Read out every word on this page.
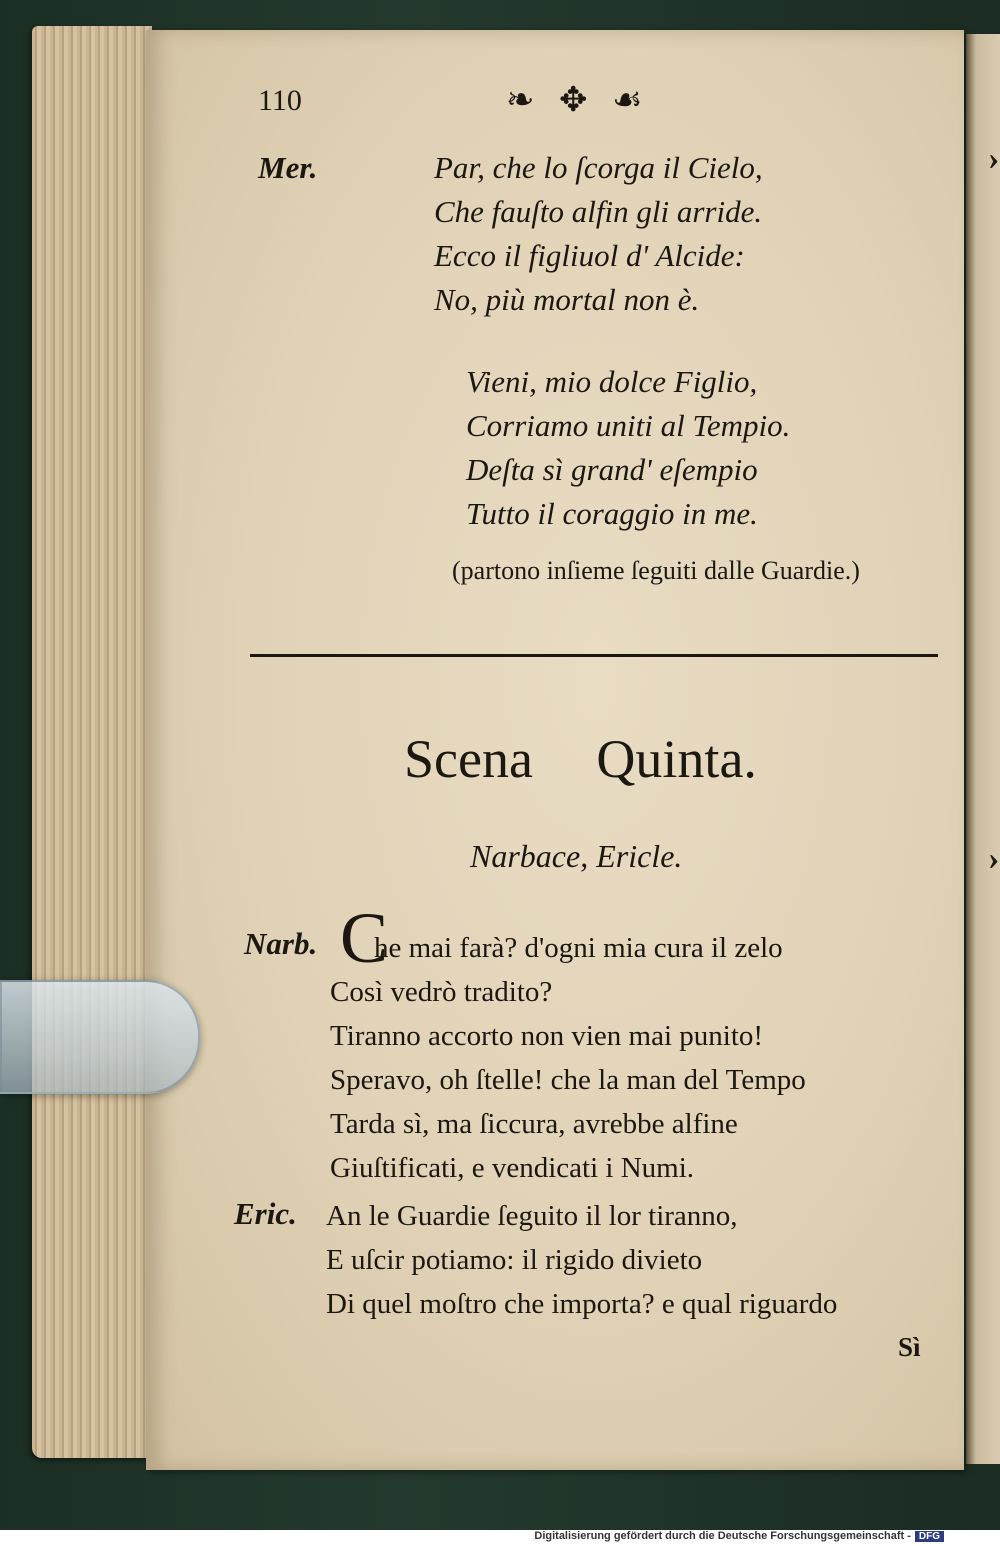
›
›
110	❧ ✥ ☙
Mer.	Par, che lo ſcorga il Cielo,
Che fauſto alfin gli arride.
Ecco il figliuol d' Alcide:
No, più mortal non è.
Vieni, mio dolce Figlio,
Corriamo uniti al Tempio.
Deſta sì grand' eſempio
Tutto il coraggio in me.
(partono inſieme ſeguiti dalle Guardie.)
Scena Quinta.
Narbace, Ericle.
Narb. C
he mai farà? d'ogni mia cura il zelo
Così vedrò tradito?
Tiranno accorto non vien mai punito!
Speravo, oh ſtelle! che la man del Tempo
Tarda sì, ma ſiccura, avrebbe alfine
Giuſtificati, e vendicati i Numi.
Eric. An le Guardie ſeguito il lor tiranno,
E uſcir potiamo: il rigido divieto
Di quel moſtro che importa? e qual riguardo
Sì
Digitalisierung gefördert durch die Deutsche Forschungsgemeinschaft - DFG
